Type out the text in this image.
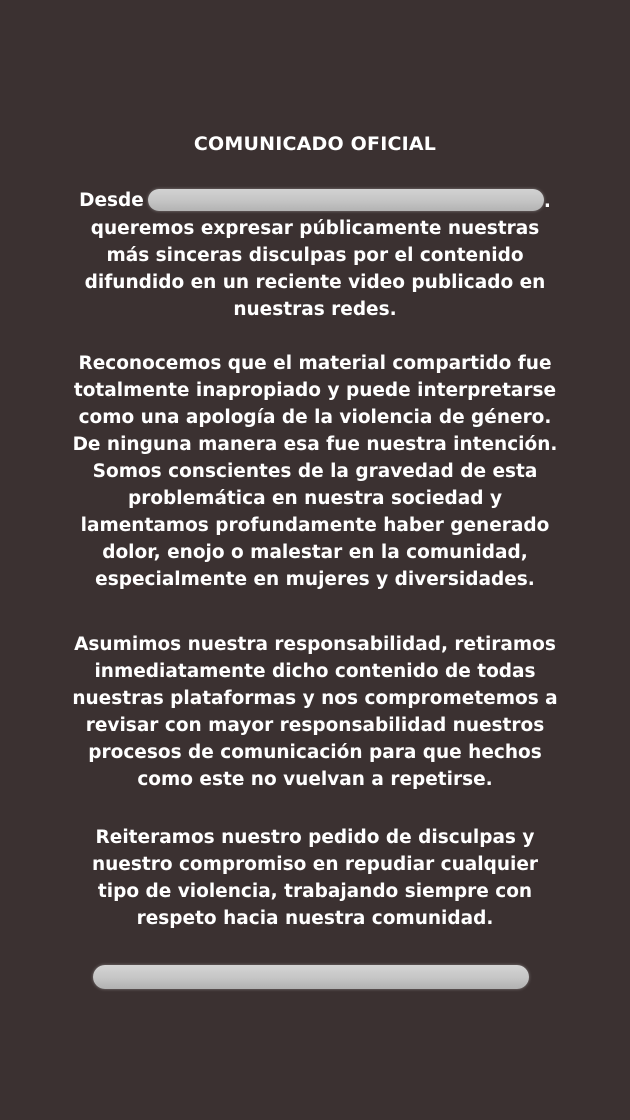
COMUNICADO OFICIAL

Desde	.
queremos expresar públicamente nuestras
más sinceras disculpas por el contenido
difundido en un reciente video publicado en
nuestras redes.

Reconocemos que el material compartido fue
totalmente inapropiado y puede interpretarse
como una apología de la violencia de género.
De ninguna manera esa fue nuestra intención.
Somos conscientes de la gravedad de esta
problemática en nuestra sociedad y
lamentamos profundamente haber generado
dolor, enojo o malestar en la comunidad,
especialmente en mujeres y diversidades.

Asumimos nuestra responsabilidad, retiramos
inmediatamente dicho contenido de todas
nuestras plataformas y nos comprometemos a
revisar con mayor responsabilidad nuestros
procesos de comunicación para que hechos
como este no vuelvan a repetirse.

Reiteramos nuestro pedido de disculpas y
nuestro compromiso en repudiar cualquier
tipo de violencia, trabajando siempre con
respeto hacia nuestra comunidad.
